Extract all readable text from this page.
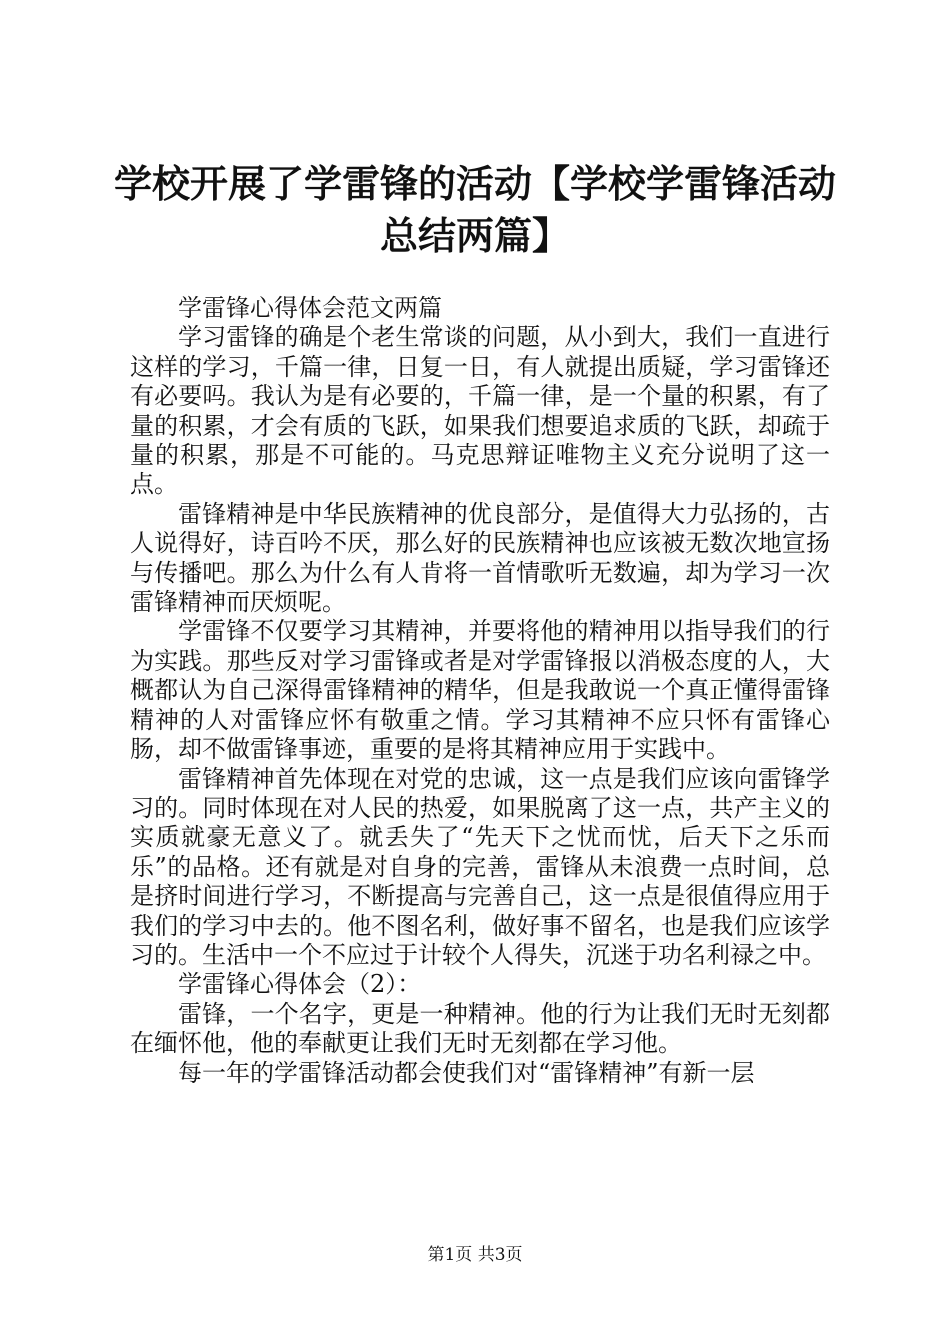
学校开展了学雷锋的活动【学校学雷锋活动总结两篇】

学雷锋心得体会范文两篇

学习雷锋的确是个老生常谈的问题，从小到大，我们一直进行这样的学习，千篇一律，日复一日，有人就提出质疑，学习雷锋还有必要吗。我认为是有必要的，千篇一律，是一个量的积累，有了量的积累，才会有质的飞跃，如果我们想要追求质的飞跃，却疏于量的积累，那是不可能的。马克思辩证唯物主义充分说明了这一点。

雷锋精神是中华民族精神的优良部分，是值得大力弘扬的，古人说得好，诗百吟不厌，那么好的民族精神也应该被无数次地宣扬与传播吧。那么为什么有人肯将一首情歌听无数遍，却为学习一次雷锋精神而厌烦呢。

学雷锋不仅要学习其精神，并要将他的精神用以指导我们的行为实践。那些反对学习雷锋或者是对学雷锋报以消极态度的人，大概都认为自己深得雷锋精神的精华，但是我敢说一个真正懂得雷锋精神的人对雷锋应怀有敬重之情。学习其精神不应只怀有雷锋心肠，却不做雷锋事迹，重要的是将其精神应用于实践中。

雷锋精神首先体现在对党的忠诚，这一点是我们应该向雷锋学习的。同时体现在对人民的热爱，如果脱离了这一点，共产主义的实质就豪无意义了。就丢失了“先天下之忧而忧，后天下之乐而乐”的品格。还有就是对自身的完善，雷锋从未浪费一点时间，总是挤时间进行学习，不断提高与完善自己，这一点是很值得应用于我们的学习中去的。他不图名利，做好事不留名，也是我们应该学习的。生活中一个不应过于计较个人得失，沉迷于功名利禄之中。

学雷锋心得体会（2）：

雷锋，一个名字，更是一种精神。他的行为让我们无时无刻都在缅怀他，他的奉献更让我们无时无刻都在学习他。

每一年的学雷锋活动都会使我们对“雷锋精神”有新一层

第1页 共3页
